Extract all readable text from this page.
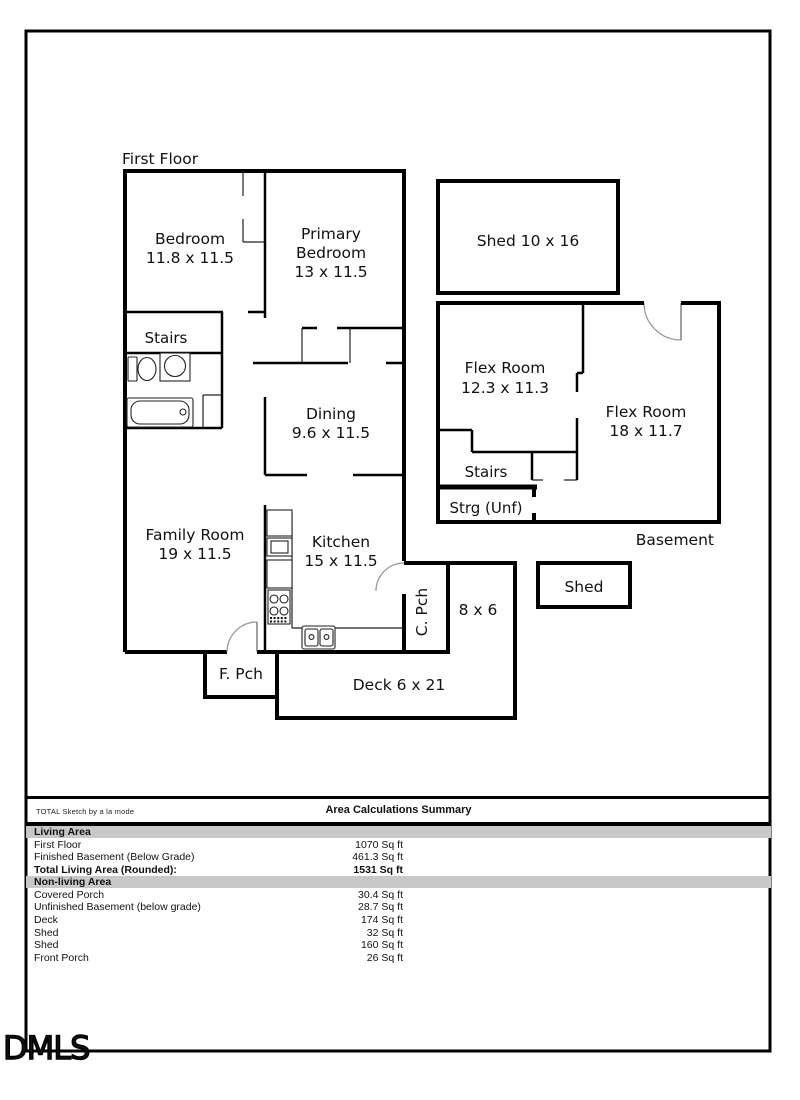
First Floor
Bedroom
11.8 x 11.5
Primary
Bedroom
13 x 11.5
Stairs
Dining
9.6 x 11.5
Family Room
19 x 11.5
Kitchen
15 x 11.5
F. Pch
C. Pch 8 x 6
Deck 6 x 21
Shed 10 x 16
Flex Room
12.3 x 11.3
Flex Room
18 x 11.7
Stairs
Strg (Unf)
Basement
Shed
DMLS
TOTAL Sketch by a la mode	Area Calculations Summary
Living Area
First Floor	1070 Sq ft
Finished Basement (Below Grade)	461.3 Sq ft
Total Living Area (Rounded):	1531 Sq ft
Non-living Area
Covered Porch	30.4 Sq ft
Unfinished Basement (below grade)	28.7 Sq ft
Deck	174 Sq ft
Shed	32 Sq ft
Shed	160 Sq ft
Front Porch	26 Sq ft
